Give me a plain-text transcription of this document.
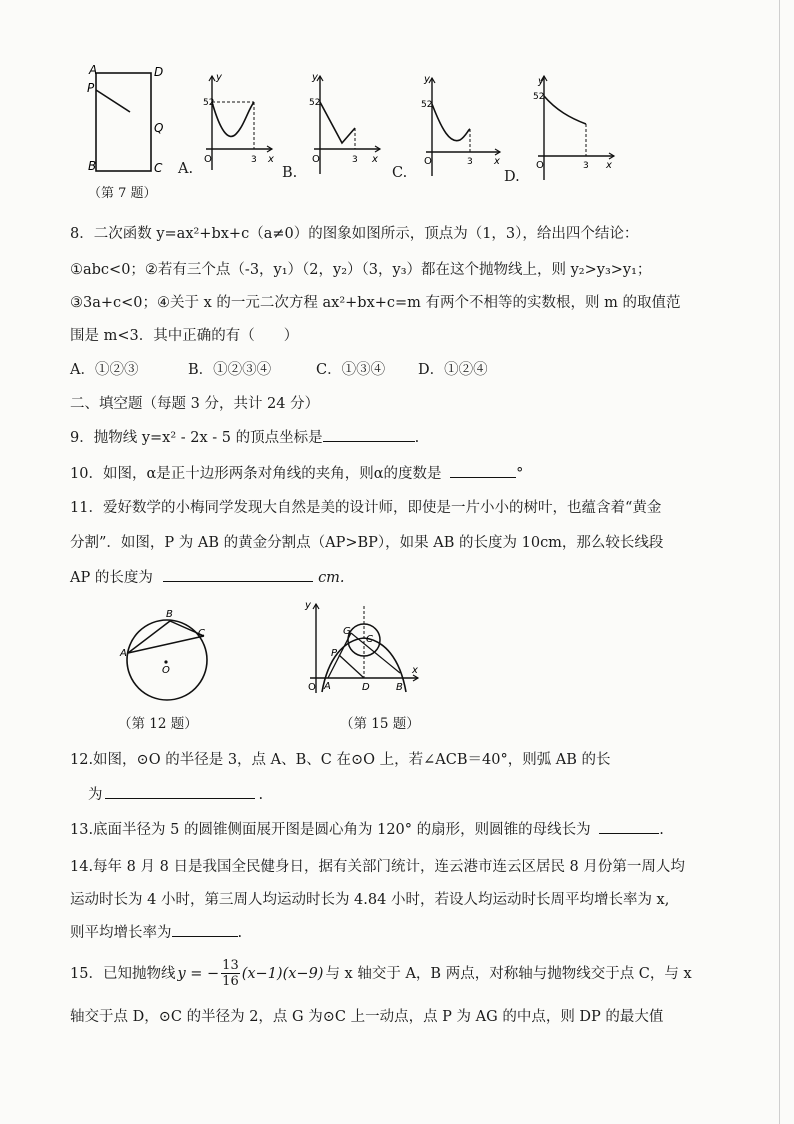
A	D
P
Q
B	C
52
y
x
O	3
A.
52
y
x
O	3
B.
52
y
x
O	3
C.
52
y
x
O	3
D.
（第 7 题）
8．二次函数 y=ax²+bx+c（a≠0）的图象如图所示，顶点为（1，3），给出四个结论：
①abc<0；②若有三个点（-3，y₁）（2，y₂）（3，y₃）都在这个抛物线上，则 y₂>y₃>y₁；
③3a+c<0；④关于 x 的一元二次方程 ax²+bx+c=m 有两个不相等的实数根，则 m 的取值范
围是 m<3．其中正确的有（　　）
A．①②③	B．①②③④	C．①③④ D．①②④
二、填空题（每题 3 分，共计 24 分）
9．抛物线 y=x² - 2x - 5 的顶点坐标是	.
10．如图，α是正十边形两条对角线的夹角，则α的度数是	°
11．爱好数学的小梅同学发现大自然是美的设计师，即使是一片小小的树叶，也蕴含着“黄金
分割”．如图，P 为 AB 的黄金分割点（AP>BP），如果 AB 的长度为 10cm，那么较长线段
AP 的长度为	cm.
A
B
C
O
（第 12 题）
y
x
O A	D	B
G
C
P
（第 15 题）
12.如图，⊙O 的半径是 3，点 A、B、C 在⊙O 上，若∠ACB＝40°，则弧 AB 的长
为	.
13.底面半径为 5 的圆锥侧面展开图是圆心角为 120° 的扇形，则圆锥的母线长为	.
14.每年 8 月 8 日是我国全民健身日，据有关部门统计，连云港市连云区居民 8 月份第一周人均
运动时长为 4 小时，第三周人均运动时长为 4.84 小时，若设人均运动时长周平均增长率为 x,
则平均增长率为	.
15．已知抛物线 y = − $\frac{13}{16} (x-1)(x-9)$ 与 x 轴交于 A，B 两点，对称轴与抛物线交于点 C，与 x
轴交于点 D，⊙C 的半径为 2，点 G 为⊙C 上一动点，点 P 为 AG 的中点，则 DP 的最大值
